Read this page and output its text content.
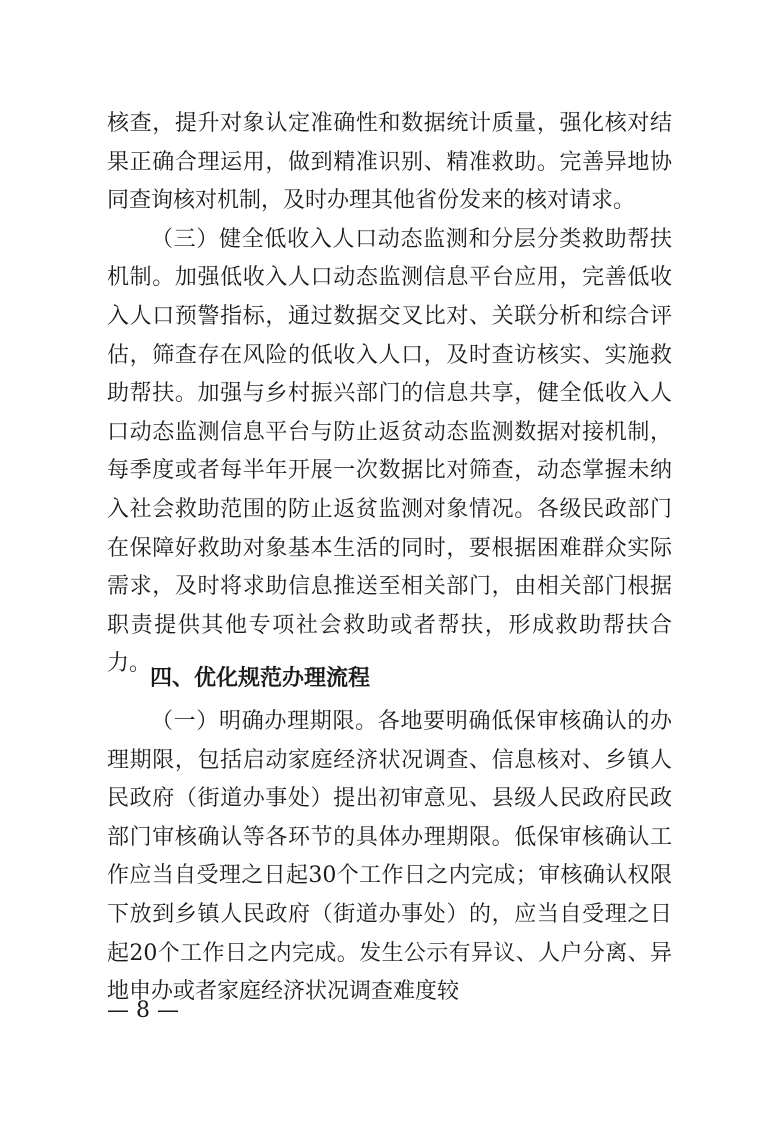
核查，提升对象认定准确性和数据统计质量，强化核对结果正确合理运用，做到精准识别、精准救助。完善异地协同查询核对机制，及时办理其他省份发来的核对请求。

（三）健全低收入人口动态监测和分层分类救助帮扶机制。加强低收入人口动态监测信息平台应用，完善低收入人口预警指标，通过数据交叉比对、关联分析和综合评估，筛查存在风险的低收入人口，及时查访核实、实施救助帮扶。加强与乡村振兴部门的信息共享，健全低收入人口动态监测信息平台与防止返贫动态监测数据对接机制，每季度或者每半年开展一次数据比对筛查，动态掌握未纳入社会救助范围的防止返贫监测对象情况。各级民政部门在保障好救助对象基本生活的同时，要根据困难群众实际需求，及时将求助信息推送至相关部门，由相关部门根据职责提供其他专项社会救助或者帮扶，形成救助帮扶合力。

四、优化规范办理流程

（一）明确办理期限。各地要明确低保审核确认的办理期限，包括启动家庭经济状况调查、信息核对、乡镇人民政府（街道办事处）提出初审意见、县级人民政府民政部门审核确认等各环节的具体办理期限。低保审核确认工作应当自受理之日起30个工作日之内完成；审核确认权限下放到乡镇人民政府（街道办事处）的，应当自受理之日起20个工作日之内完成。发生公示有异议、人户分离、异地申办或者家庭经济状况调查难度较

— 8 —
